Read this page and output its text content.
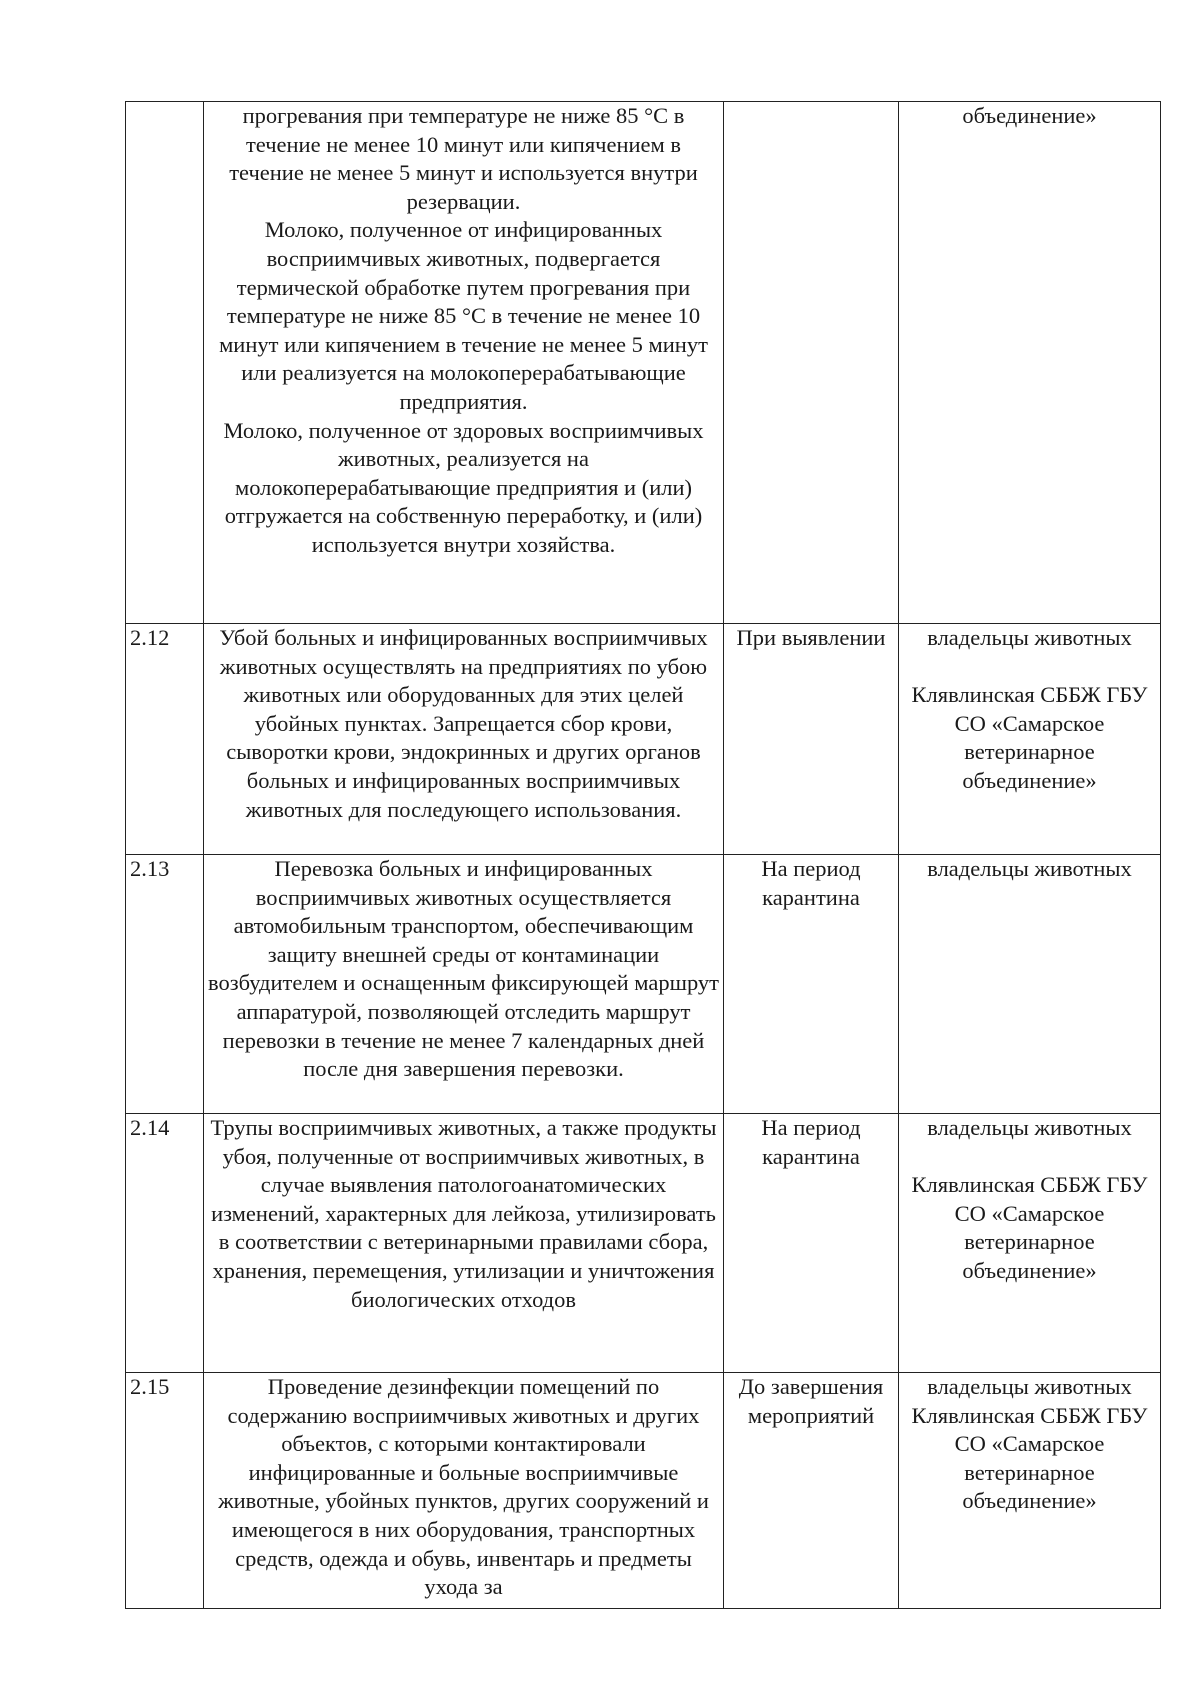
	прогревания при температуре не ниже 85 °С в течение не менее 10 минут или кипячением в течение не менее 5 минут и используется внутри резервации.
Молоко, полученное от инфицированных восприимчивых животных, подвергается термической обработке путем прогревания при температуре не ниже 85 °С в течение не менее 10 минут или кипячением в течение не менее 5 минут или реализуется на молокоперерабатывающие предприятия.
Молоко, полученное от здоровых восприимчивых животных, реализуется на молокоперерабатывающие предприятия и (или) отгружается на собственную переработку, и (или) используется внутри хозяйства.		объединение»

2.12	Убой больных и инфицированных восприимчивых животных осуществлять на предприятиях по убою животных или оборудованных для этих целей убойных пунктах. Запрещается сбор крови, сыворотки крови, эндокринных и других органов больных и инфицированных восприимчивых животных для последующего использования.	При выявлении	владельцы животных
Клявлинская СББЖ ГБУ СО «Самарское ветеринарное объединение»

2.13	Перевозка больных и инфицированных восприимчивых животных осуществляется автомобильным транспортом, обеспечивающим защиту внешней среды от контаминации возбудителем и оснащенным фиксирующей маршрут аппаратурой, позволяющей отследить маршрут перевозки в течение не менее 7 календарных дней после дня завершения перевозки.	На период карантина	владельцы животных

2.14	Трупы восприимчивых животных, а также продукты убоя, полученные от восприимчивых животных, в случае выявления патологоанатомических изменений, характерных для лейкоза, утилизировать в соответствии с ветеринарными правилами сбора, хранения, перемещения, утилизации и уничтожения биологических отходов	На период карантина	владельцы животных
Клявлинская СББЖ ГБУ СО «Самарское ветеринарное объединение»

2.15	Проведение дезинфекции помещений по содержанию восприимчивых животных и других объектов, с которыми контактировали инфицированные и больные восприимчивые животные, убойных пунктов, других сооружений и имеющегося в них оборудования, транспортных средств, одежда и обувь, инвентарь и предметы ухода за	До завершения мероприятий	владельцы животных
Клявлинская СББЖ ГБУ СО «Самарское ветеринарное объединение»
